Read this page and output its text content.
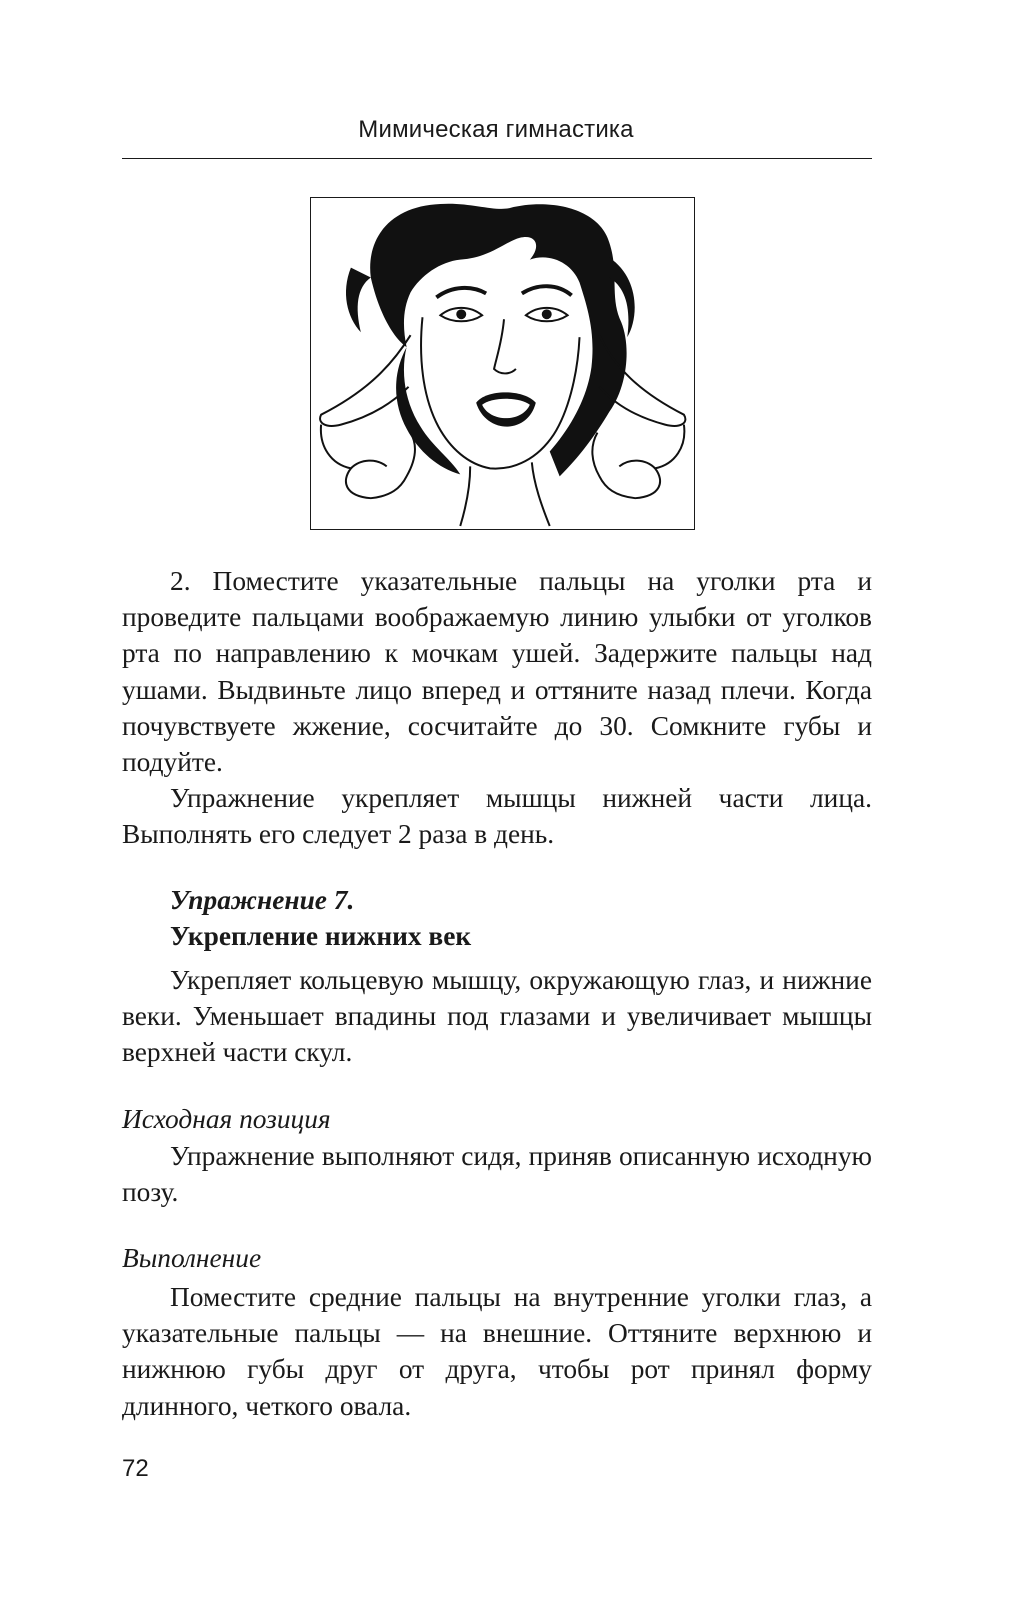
Мимическая гимнастика

2. Поместите указательные пальцы на уголки рта и проведите пальцами воображаемую линию улыбки от уголков рта по направлению к мочкам ушей. Задержите пальцы над ушами. Выдвиньте лицо вперед и оттяните назад плечи. Когда почувствуете жжение, сосчитайте до 30. Сомкните губы и подуйте.

Упражнение укрепляет мышцы нижней части лица. Выполнять его следует 2 раза в день.

Упражнение 7.
Укрепление нижних век

Укрепляет кольцевую мышцу, окружающую глаз, и нижние веки. Уменьшает впадины под глазами и увеличивает мышцы верхней части скул.

Исходная позиция

Упражнение выполняют сидя, приняв описанную исходную позу.

Выполнение

Поместите средние пальцы на внутренние уголки глаз, а указательные пальцы — на внешние. Оттяните верхнюю и нижнюю губы друг от друга, чтобы рот принял форму длинного, четкого овала.

72
